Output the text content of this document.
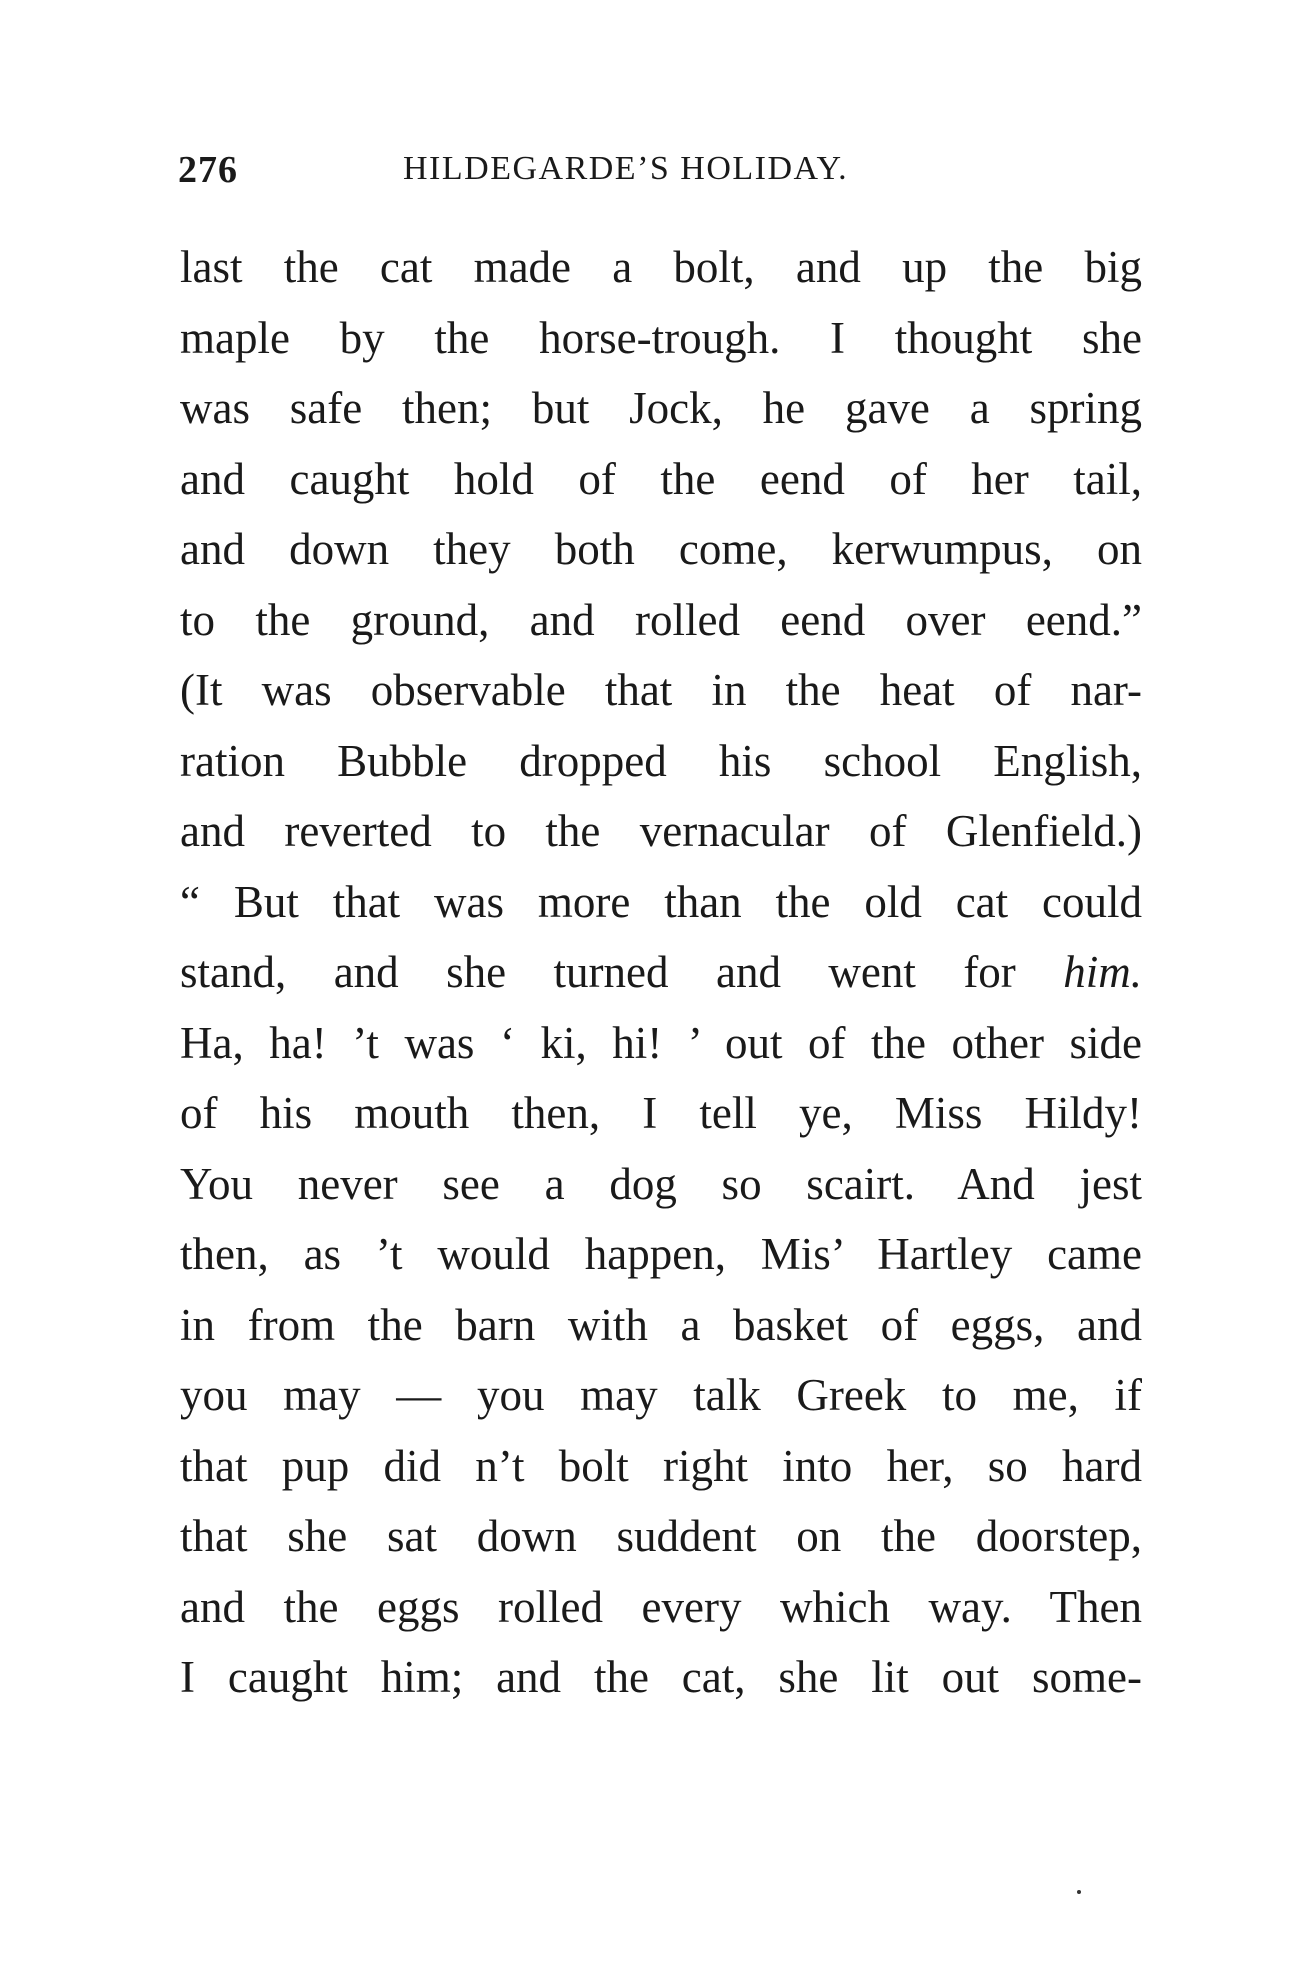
276	HILDEGARDE’S HOLIDAY.
last the cat made a bolt, and up the big
maple by the horse-trough. I thought she
was safe then; but Jock, he gave a spring
and caught hold of the eend of her tail,
and down they both come, kerwumpus, on
to the ground, and rolled eend over eend.”
(It was observable that in the heat of nar-
ration Bubble dropped his school English,
and reverted to the vernacular of Glenfield.)
“ But that was more than the old cat could
stand, and she turned and went for him.
Ha, ha! ’t was ‘ ki, hi! ’ out of the other side
of his mouth then, I tell ye, Miss Hildy!
You never see a dog so scairt. And jest
then, as ’t would happen, Mis’ Hartley came
in from the barn with a basket of eggs, and
you may — you may talk Greek to me, if
that pup did n’t bolt right into her, so hard
that she sat down suddent on the doorstep,
and the eggs rolled every which way. Then
I caught him; and the cat, she lit out some-
